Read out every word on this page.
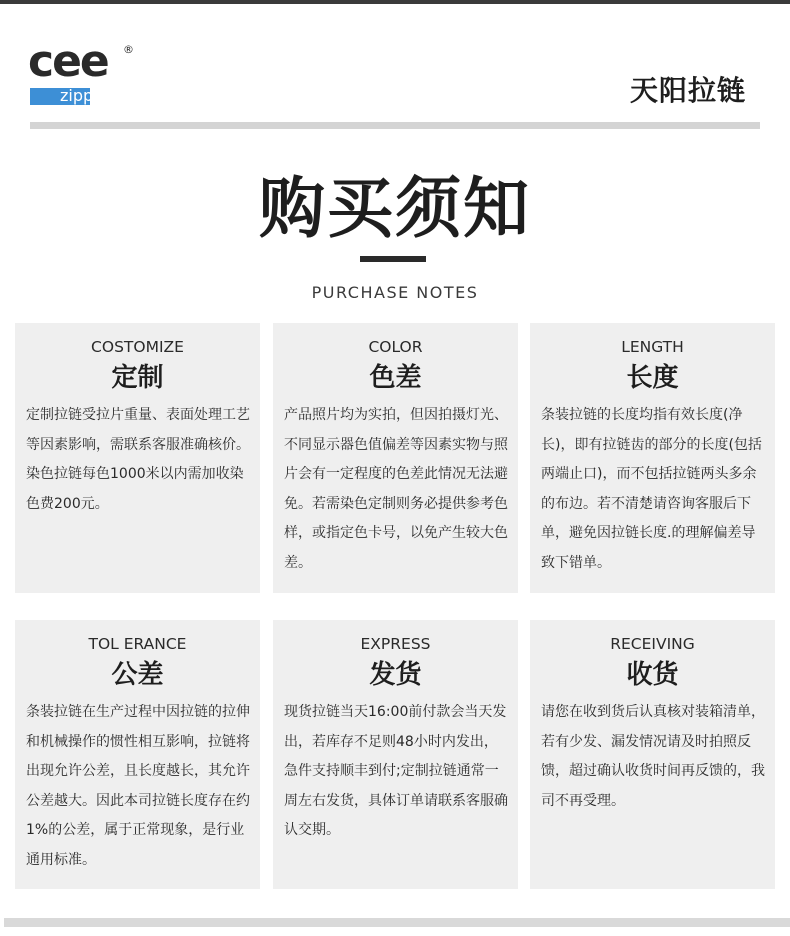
cee ®
zipper	天阳拉链
购买须知
PURCHASE NOTES
COSTOMIZE
定制

定制拉链受拉片重量、表面处理工艺等因素影响，需联系客服准确核价。染色拉链每色1000米以内需加收染色费200元。

COLOR
色差

产品照片均为实拍，但因拍摄灯光、不同显示器色值偏差等因素实物与照片会有一定程度的色差此情况无法避免。若需染色定制则务必提供参考色样，或指定色卡号，以免产生较大色差。

LENGTH
长度

条装拉链的长度均指有效长度(净长)，即有拉链齿的部分的长度(包括两端止口)，而不包括拉链两头多余的布边。若不清楚请咨询客服后下单，避免因拉链长度.的理解偏差导致下错单。

TOL ERANCE
公差

条装拉链在生产过程中因拉链的拉伸和机械操作的惯性相互影响，拉链将出现允许公差，且长度越长，其允许公差越大。因此本司拉链长度存在约1%的公差，属于正常现象，是行业通用标准。

EXPRESS
发货

现货拉链当天16:00前付款会当天发出，若库存不足则48小时内发出，急件支持顺丰到付;定制拉链通常一周左右发货，具体订单请联系客服确认交期。

RECEIVING
收货

请您在收到货后认真核对装箱清单，若有少发、漏发情况请及时拍照反馈，超过确认收货时间再反馈的，我司不再受理。
